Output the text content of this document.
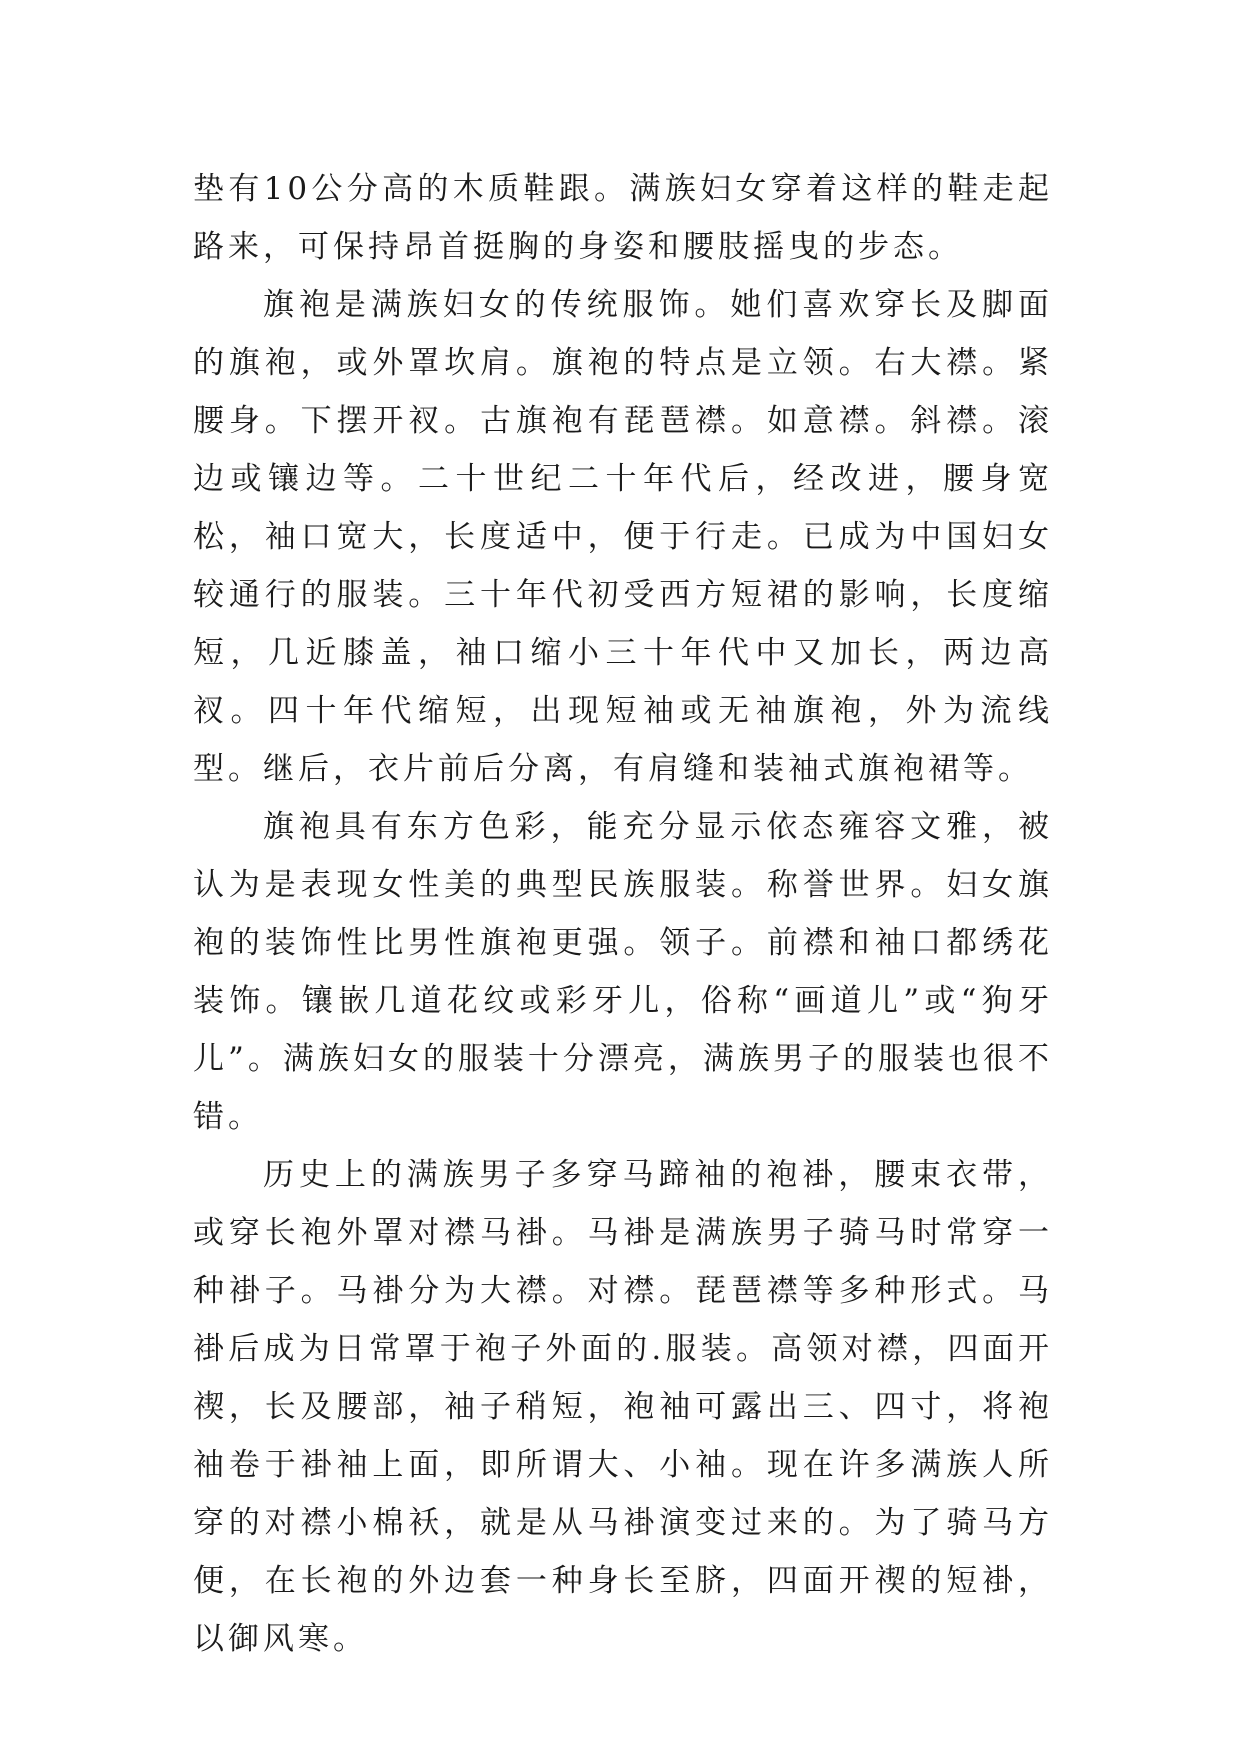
垫有10公分高的木质鞋跟。满族妇女穿着这样的鞋走起路来，可保持昂首挺胸的身姿和腰肢摇曳的步态。

旗袍是满族妇女的传统服饰。她们喜欢穿长及脚面的旗袍，或外罩坎肩。旗袍的特点是立领。右大襟。紧腰身。下摆开衩。古旗袍有琵琶襟。如意襟。斜襟。滚边或镶边等。二十世纪二十年代后，经改进，腰身宽松，袖口宽大，长度适中，便于行走。已成为中国妇女较通行的服装。三十年代初受西方短裙的影响，长度缩短，几近膝盖，袖口缩小三十年代中又加长，两边高衩。四十年代缩短，出现短袖或无袖旗袍，外为流线型。继后，衣片前后分离，有肩缝和装袖式旗袍裙等。

旗袍具有东方色彩，能充分显示依态雍容文雅，被认为是表现女性美的典型民族服装。称誉世界。妇女旗袍的装饰性比男性旗袍更强。领子。前襟和袖口都绣花装饰。镶嵌几道花纹或彩牙儿，俗称“画道儿”或“狗牙儿”。满族妇女的服装十分漂亮，满族男子的服装也很不错。

历史上的满族男子多穿马蹄袖的袍褂，腰束衣带，或穿长袍外罩对襟马褂。马褂是满族男子骑马时常穿一种褂子。马褂分为大襟。对襟。琵琶襟等多种形式。马褂后成为日常罩于袍子外面的.服装。高领对襟，四面开禊，长及腰部，袖子稍短，袍袖可露出三、四寸，将袍袖卷于褂袖上面，即所谓大、小袖。现在许多满族人所穿的对襟小棉袄，就是从马褂演变过来的。为了骑马方便，在长袍的外边套一种身长至脐，四面开禊的短褂，以御风寒。
